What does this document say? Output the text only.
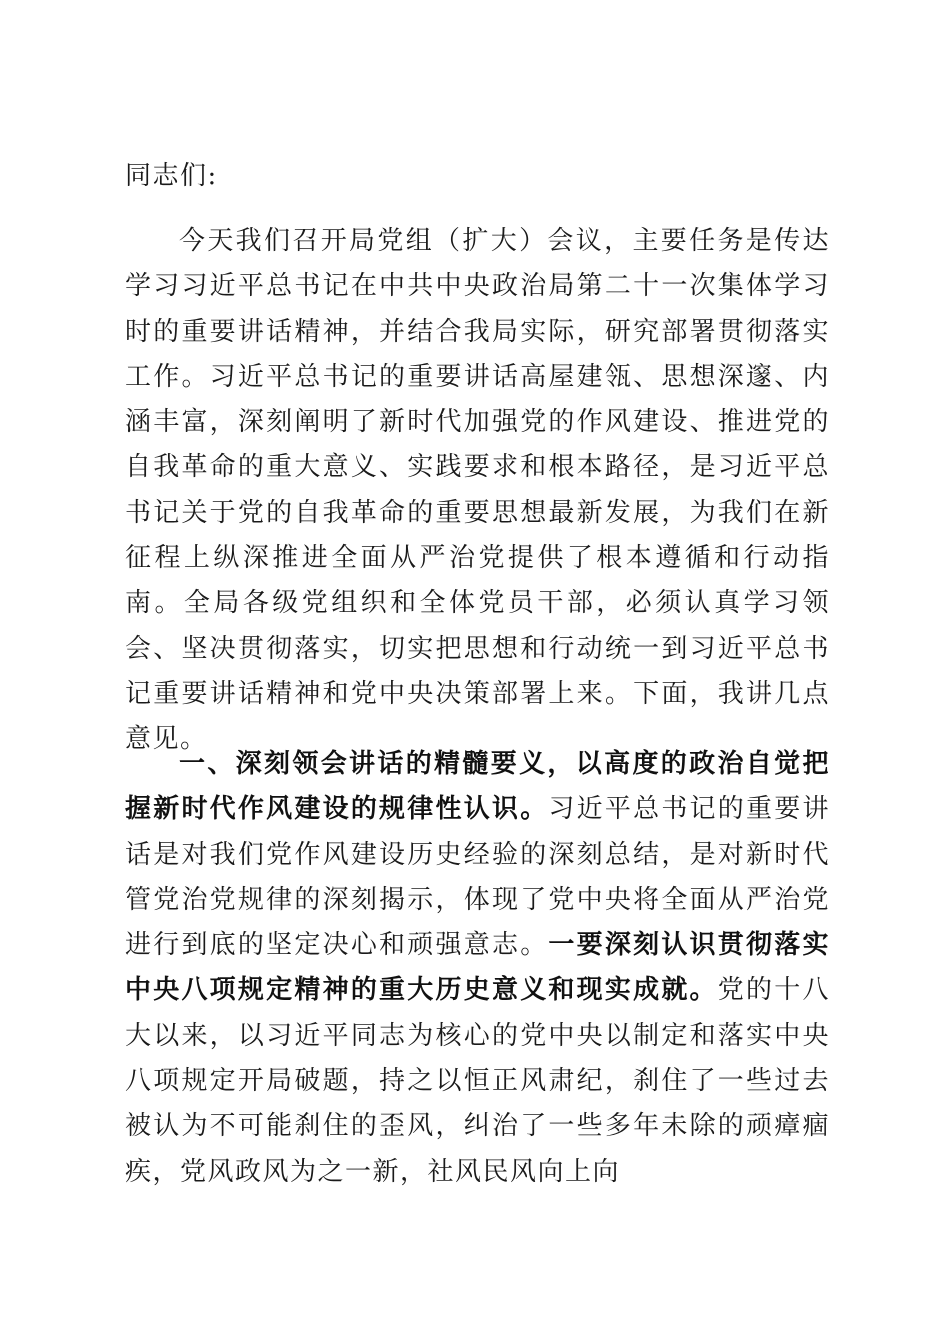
同志们:

今天我们召开局党组（扩大）会议，主要任务是传达学习习近平总书记在中共中央政治局第二十一次集体学习时的重要讲话精神，并结合我局实际，研究部署贯彻落实工作。习近平总书记的重要讲话高屋建瓴、思想深邃、内涵丰富，深刻阐明了新时代加强党的作风建设、推进党的自我革命的重大意义、实践要求和根本路径，是习近平总书记关于党的自我革命的重要思想最新发展，为我们在新征程上纵深推进全面从严治党提供了根本遵循和行动指南。全局各级党组织和全体党员干部，必须认真学习领会、坚决贯彻落实，切实把思想和行动统一到习近平总书记重要讲话精神和党中央决策部署上来。下面，我讲几点意见。

一、深刻领会讲话的精髓要义，以高度的政治自觉把握新时代作风建设的规律性认识。习近平总书记的重要讲话是对我们党作风建设历史经验的深刻总结，是对新时代管党治党规律的深刻揭示，体现了党中央将全面从严治党进行到底的坚定决心和顽强意志。一要深刻认识贯彻落实中央八项规定精神的重大历史意义和现实成就。党的十八大以来，以习近平同志为核心的党中央以制定和落实中央八项规定开局破题，持之以恒正风肃纪，刹住了一些过去被认为不可能刹住的歪风，纠治了一些多年未除的顽瘴痼疾，党风政风为之一新，社风民风向上向
